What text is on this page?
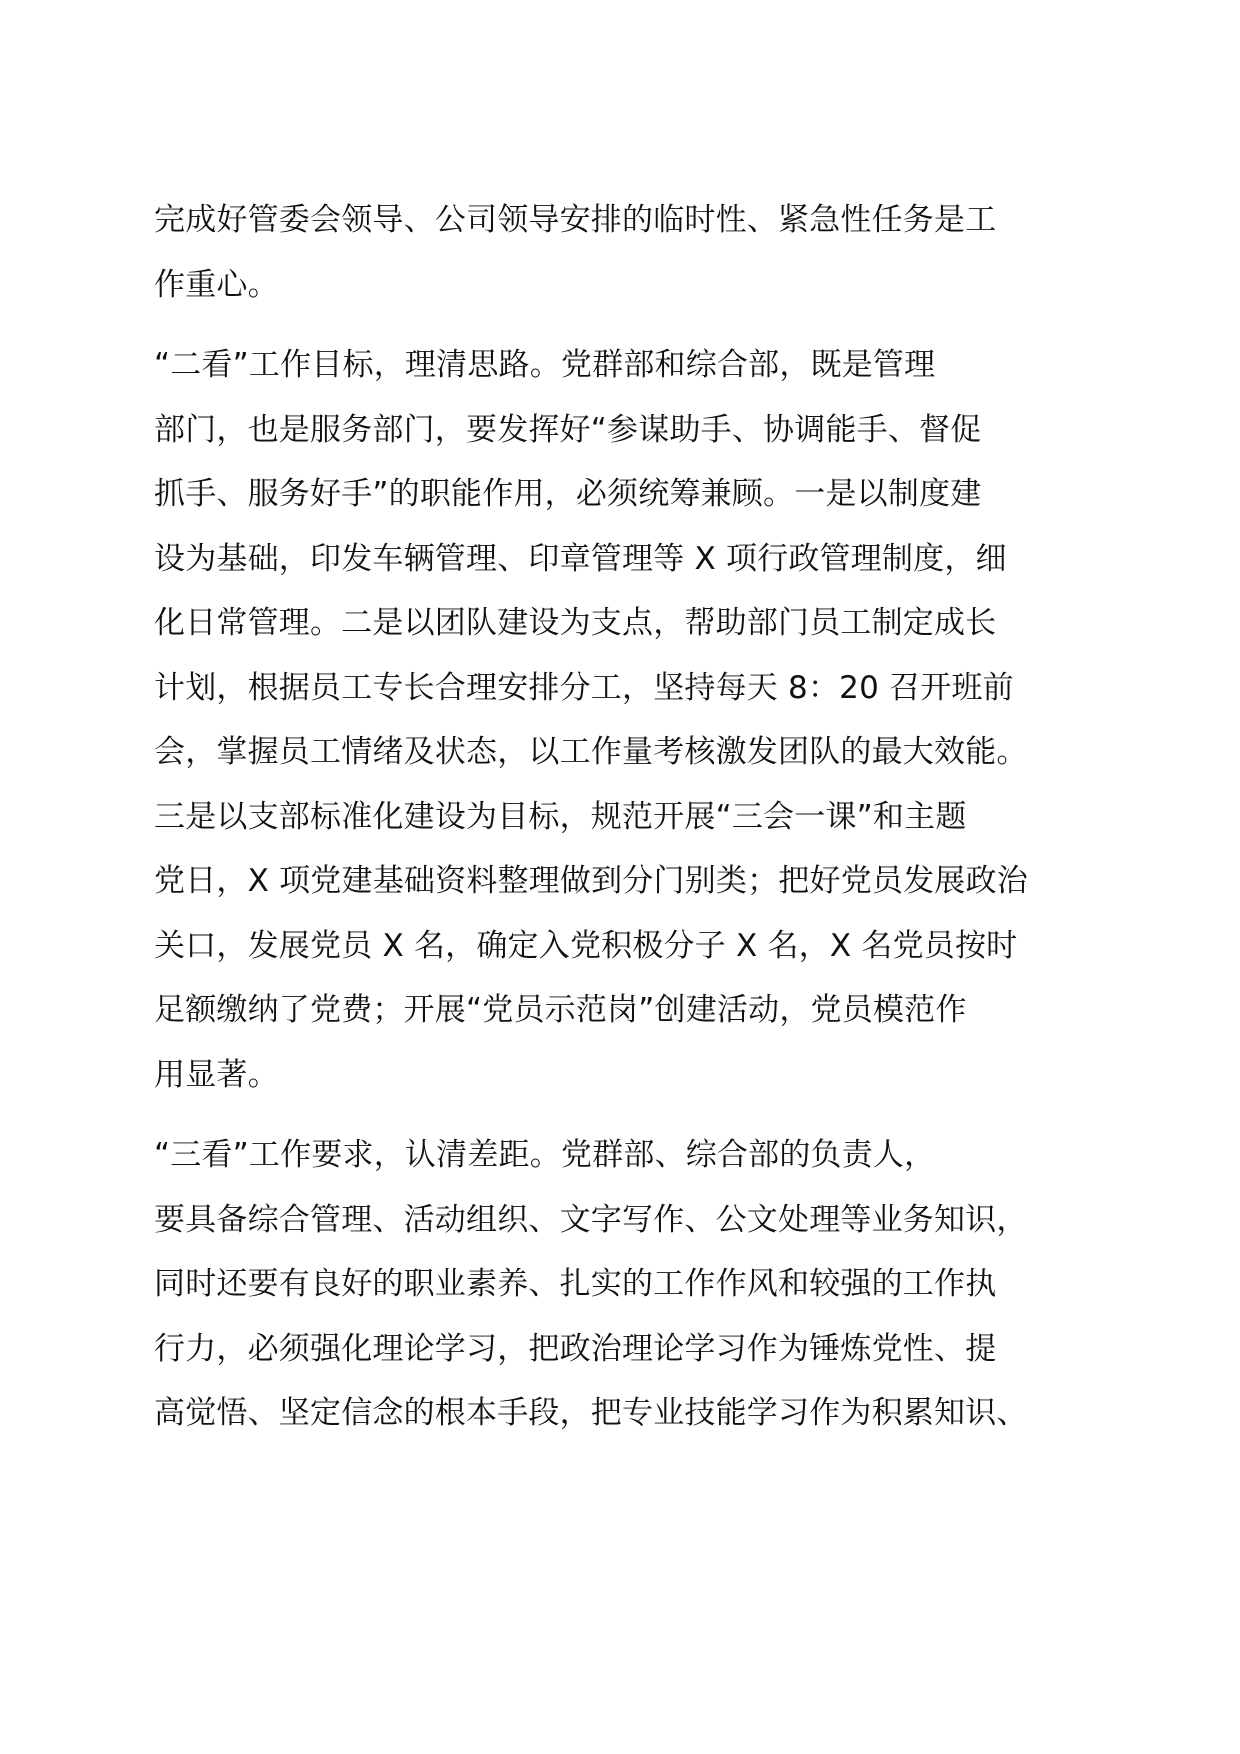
完成好管委会领导、公司领导安排的临时性、紧急性任务是工
作重心。
“二看”工作目标，理清思路。党群部和综合部，既是管理
部门，也是服务部门，要发挥好“参谋助手、协调能手、督促
抓手、服务好手”的职能作用，必须统筹兼顾。一是以制度建
设为基础，印发车辆管理、印章管理等 X 项行政管理制度，细
化日常管理。二是以团队建设为支点，帮助部门员工制定成长
计划，根据员工专长合理安排分工，坚持每天 8：20 召开班前
会，掌握员工情绪及状态，以工作量考核激发团队的最大效能。
三是以支部标准化建设为目标，规范开展“三会一课”和主题
党日，X 项党建基础资料整理做到分门别类；把好党员发展政治
关口，发展党员 X 名，确定入党积极分子 X 名，X 名党员按时
足额缴纳了党费；开展“党员示范岗”创建活动，党员模范作
用显著。
“三看”工作要求，认清差距。党群部、综合部的负责人，
要具备综合管理、活动组织、文字写作、公文处理等业务知识，
同时还要有良好的职业素养、扎实的工作作风和较强的工作执
行力，必须强化理论学习，把政治理论学习作为锤炼党性、提
高觉悟、坚定信念的根本手段，把专业技能学习作为积累知识、
